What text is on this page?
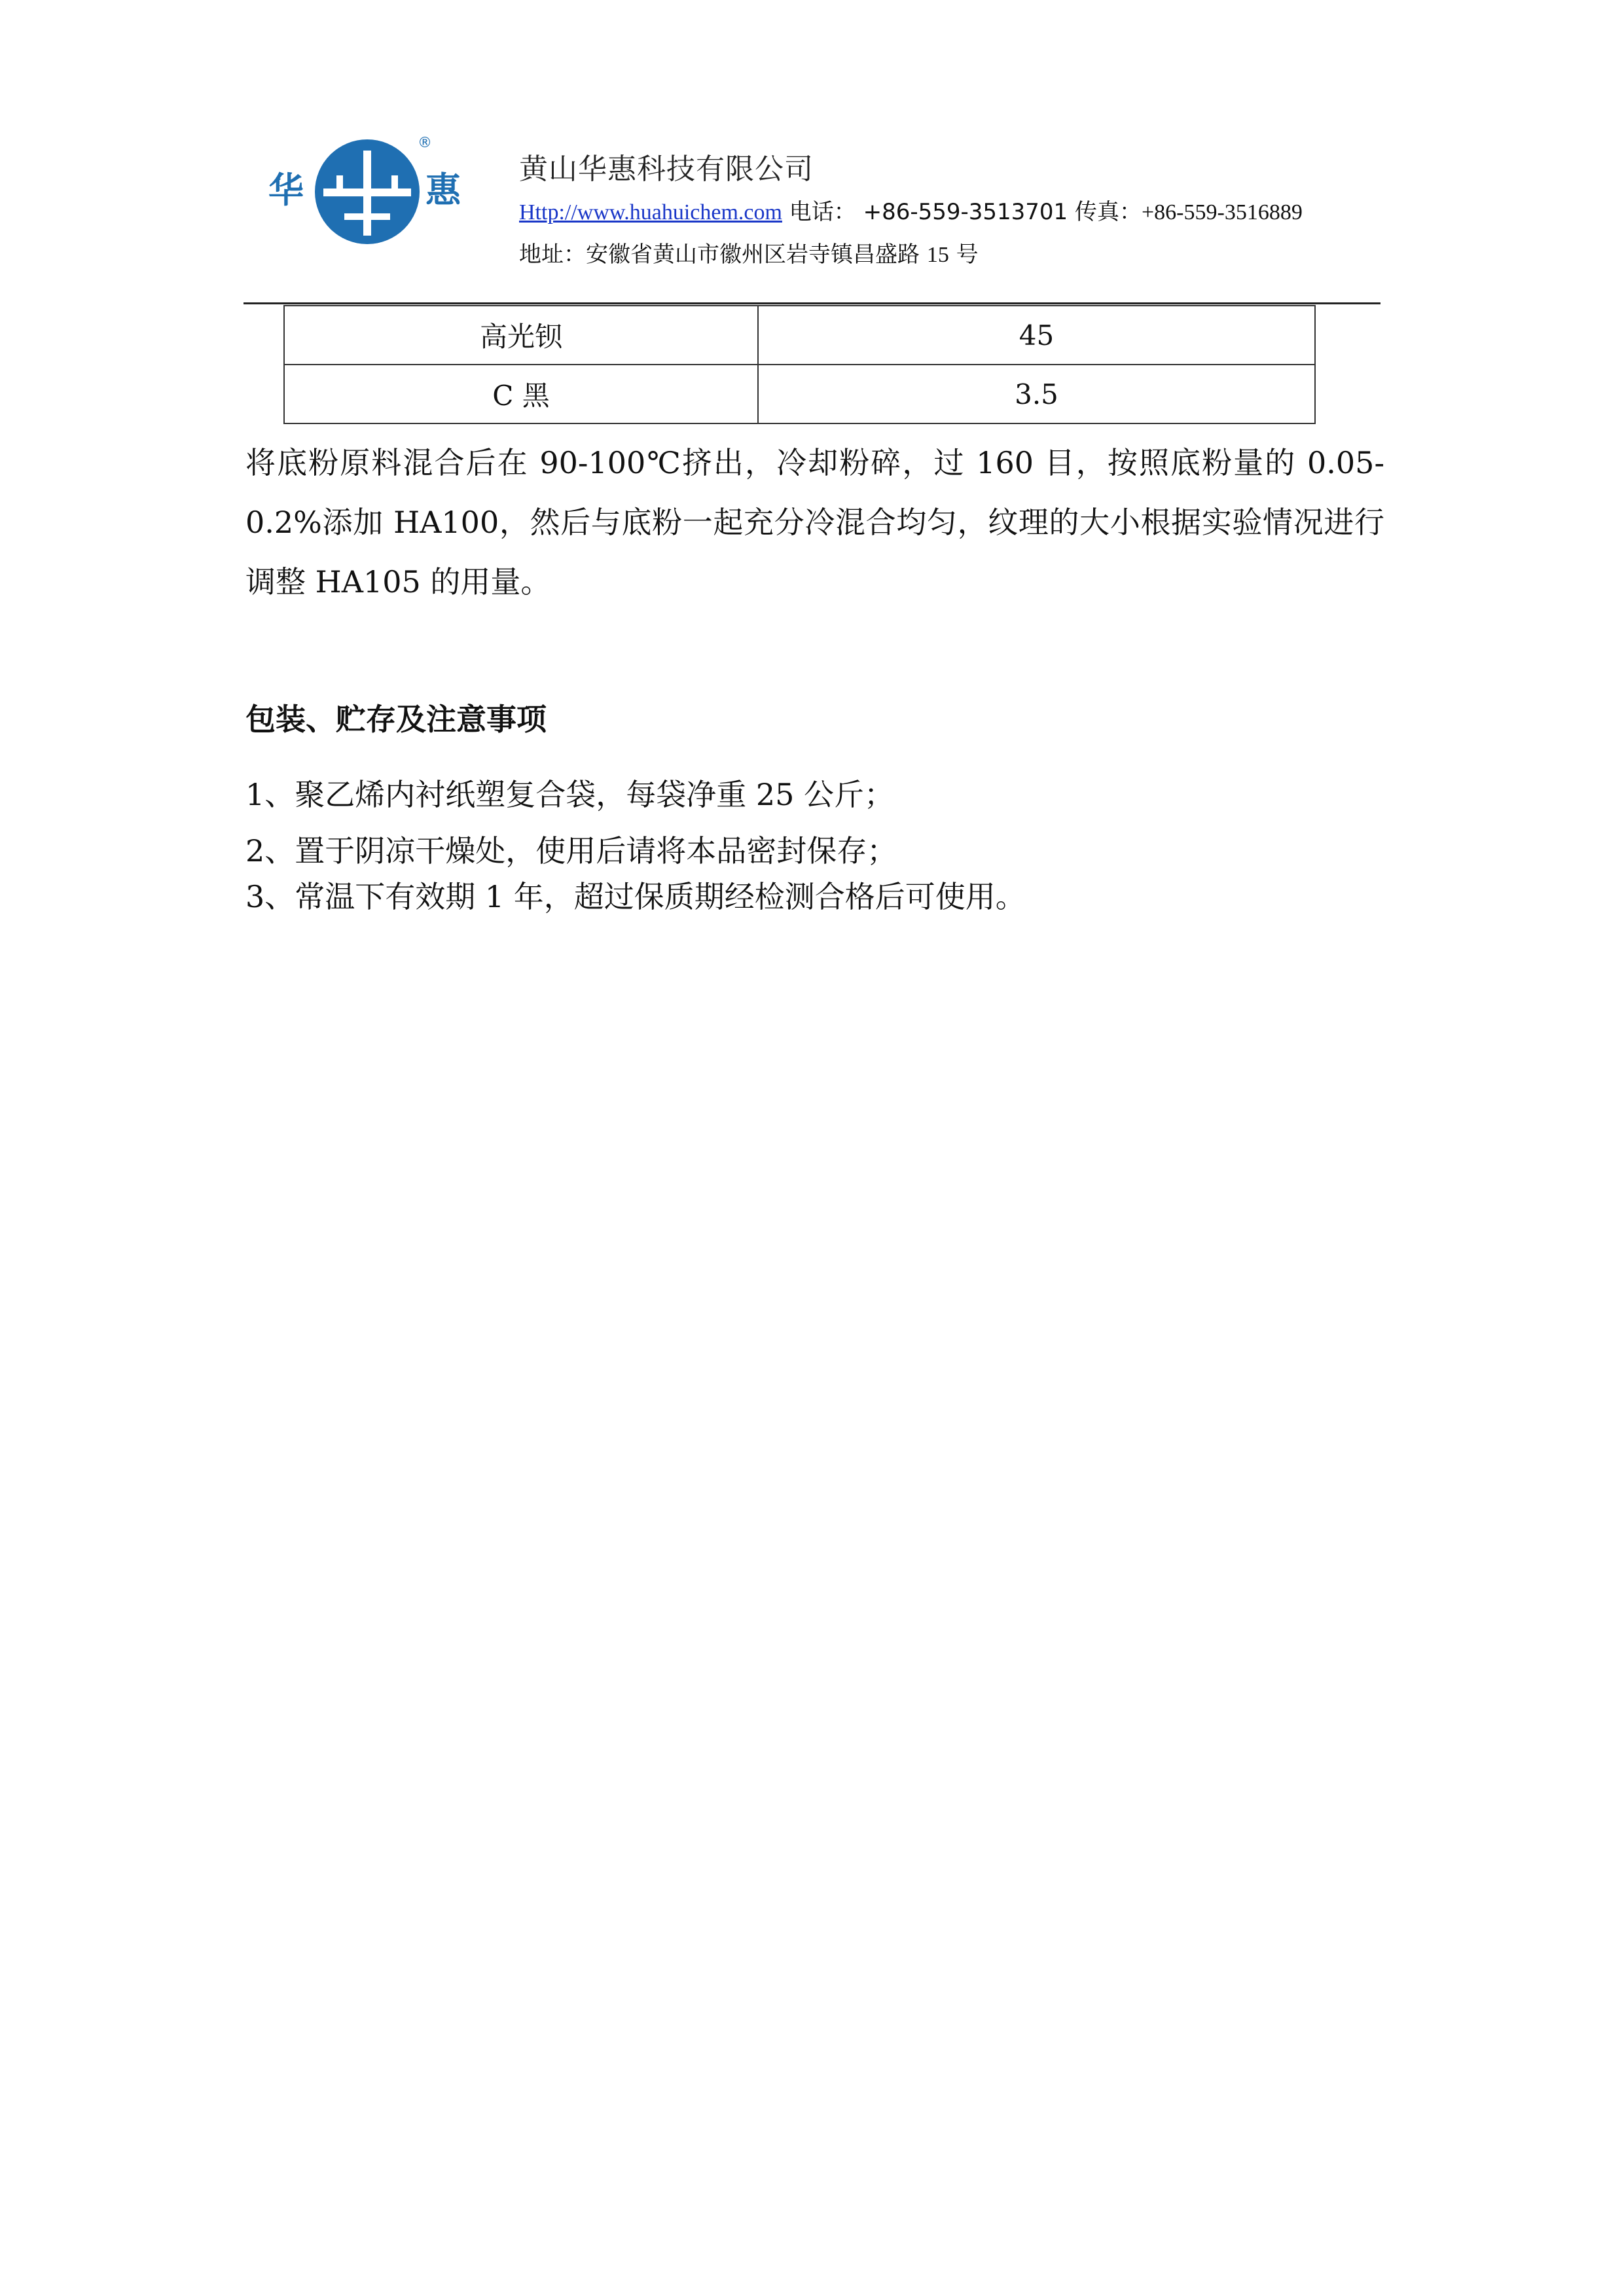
华	惠
®
黄山华惠科技有限公司
Http://www.huahuichem.com 电话： +86-559-3513701 传真：+86-559-3516889
地址：安徽省黄山市徽州区岩寺镇昌盛路 15 号
高光钡	45
C 黑	3.5

将底粉原料混合后在 90-100℃挤出，冷却粉碎，过 160 目，按照底粉量的 0.05-0.2%添加 HA100，然后与底粉一起充分冷混合均匀，纹理的大小根据实验情况进行调整 HA105 的用量。

包装、贮存及注意事项
1、聚乙烯内衬纸塑复合袋，每袋净重 25 公斤；
2、置于阴凉干燥处，使用后请将本品密封保存；
3、常温下有效期 1 年，超过保质期经检测合格后可使用。
